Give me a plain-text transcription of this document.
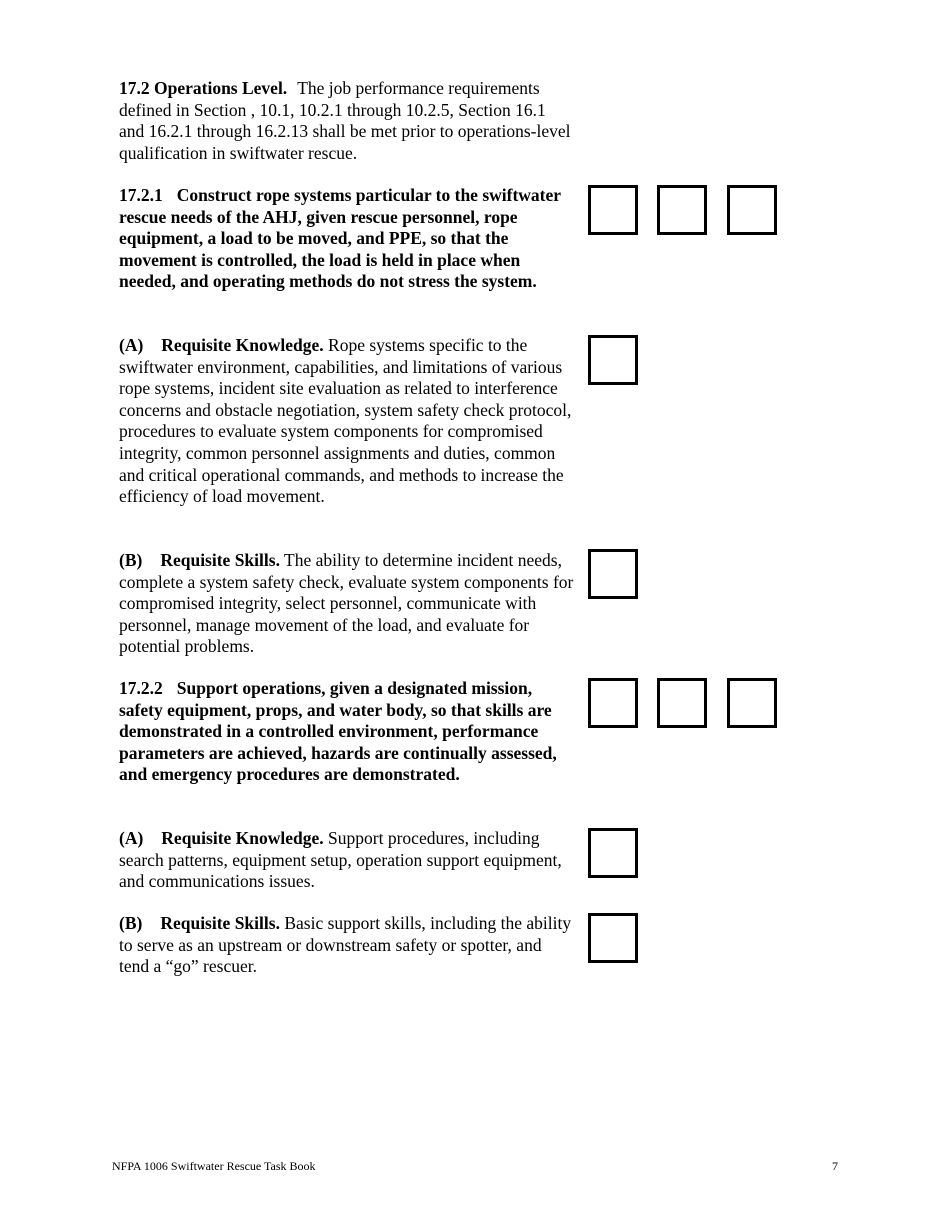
17.2 Operations Level. The job performance requirements defined in Section , 10.1, 10.2.1 through 10.2.5, Section 16.1 and 16.2.1 through 16.2.13 shall be met prior to operations-level qualification in swiftwater rescue.
17.2.1 Construct rope systems particular to the swiftwater rescue needs of the AHJ, given rescue personnel, rope equipment, a load to be moved, and PPE, so that the movement is controlled, the load is held in place when needed, and operating methods do not stress the system.
(A) Requisite Knowledge. Rope systems specific to the swiftwater environment, capabilities, and limitations of various rope systems, incident site evaluation as related to interference concerns and obstacle negotiation, system safety check protocol, procedures to evaluate system components for compromised integrity, common personnel assignments and duties, common and critical operational commands, and methods to increase the efficiency of load movement.
(B) Requisite Skills. The ability to determine incident needs, complete a system safety check, evaluate system components for compromised integrity, select personnel, communicate with personnel, manage movement of the load, and evaluate for potential problems.
17.2.2 Support operations, given a designated mission, safety equipment, props, and water body, so that skills are demonstrated in a controlled environment, performance parameters are achieved, hazards are continually assessed, and emergency procedures are demonstrated.
(A) Requisite Knowledge. Support procedures, including search patterns, equipment setup, operation support equipment, and communications issues.
(B) Requisite Skills. Basic support skills, including the ability to serve as an upstream or downstream safety or spotter, and tend a “go” rescuer.
NFPA 1006 Swiftwater Rescue Task Book	7
